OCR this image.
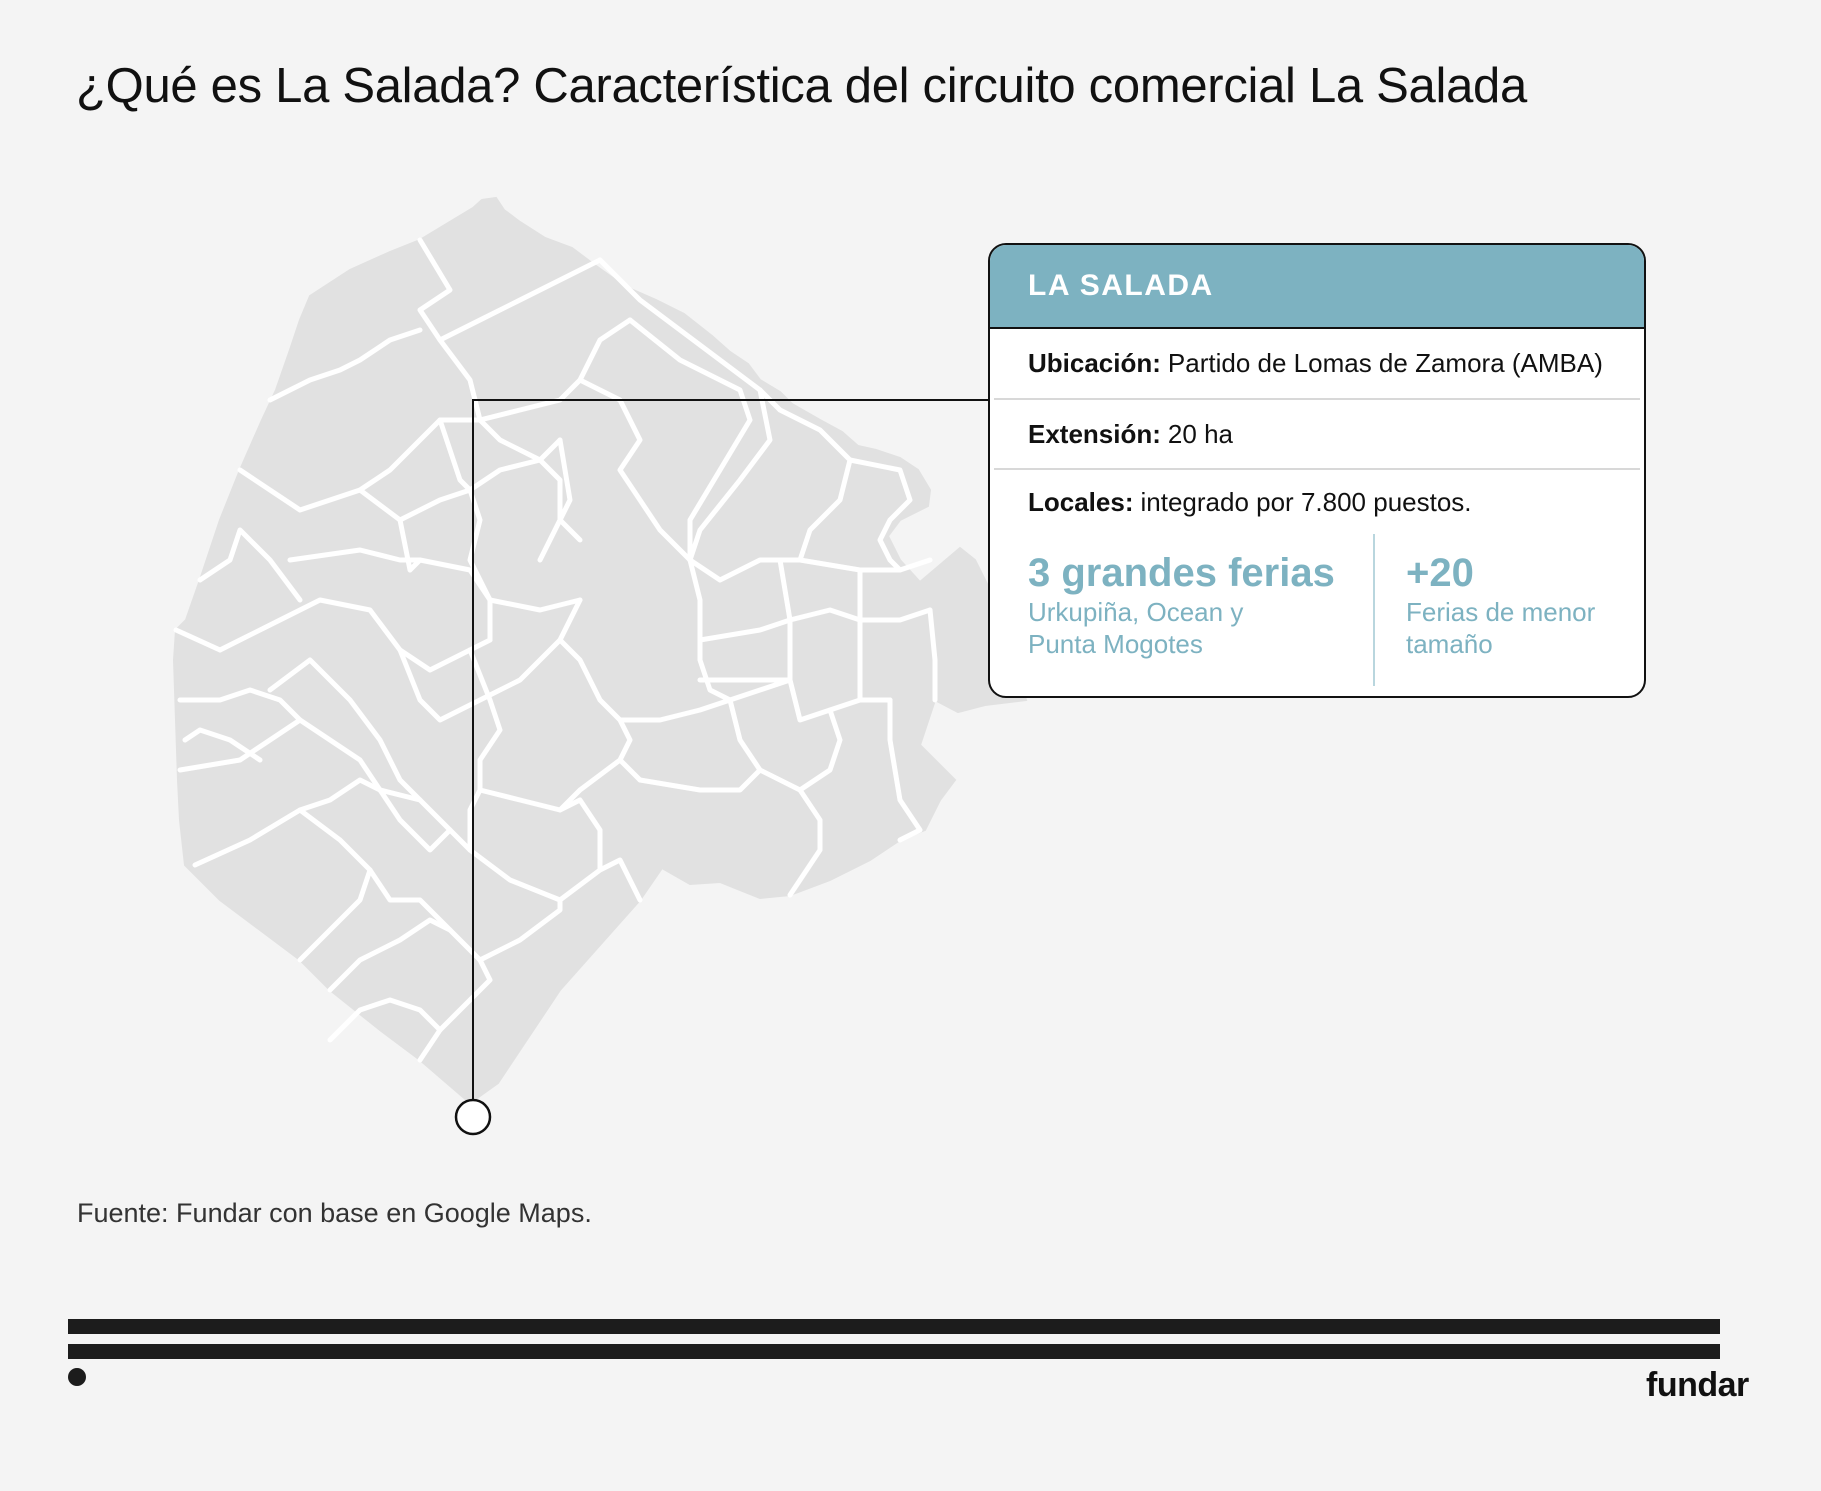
¿Qué es La Salada? Característica del circuito comercial La Salada
LA SALADA
Ubicación: Partido de Lomas de Zamora (AMBA)
Extensión: 20 ha
Locales: integrado por 7.800 puestos.
3 grandes ferias
Urkupiña, Ocean y Punta Mogotes
+20
Ferias de menor tamaño
Fuente: Fundar con base en Google Maps.
fundar
